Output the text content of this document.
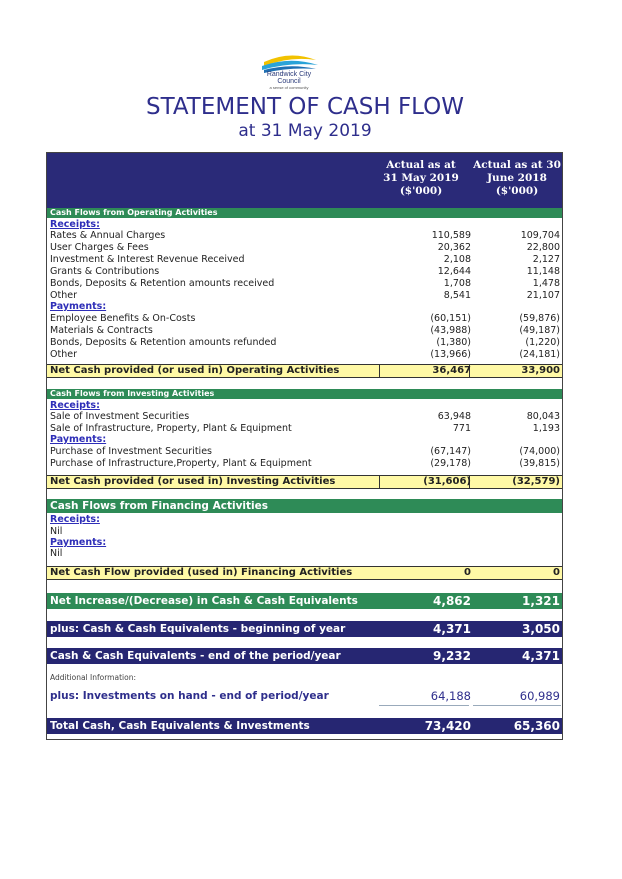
Randwick City
Council
a sense of community
STATEMENT OF CASH FLOW
at 31 May 2019
Actual as at
31 May 2019
($'000)
Actual as at 30
June 2018
($'000)
Cash Flows from Operating Activities
Receipts:
Rates & Annual Charges	110,589	109,704
User Charges & Fees	20,362	22,800
Investment & Interest Revenue Received	2,108	2,127
Grants & Contributions	12,644	11,148
Bonds, Deposits & Retention amounts received	1,708	1,478
Other	8,541	21,107
Payments:
Employee Benefits & On-Costs	(60,151)	(59,876)
Materials & Contracts	(43,988)	(49,187)
Bonds, Deposits & Retention amounts refunded	(1,380)	(1,220)
Other	(13,966)	(24,181)
Net Cash provided (or used in) Operating Activities	36,467	33,900
Cash Flows from Investing Activities
Receipts:
Sale of Investment Securities	63,948	80,043
Sale of Infrastructure, Property, Plant & Equipment	771	1,193
Payments:
Purchase of Investment Securities	(67,147)	(74,000)
Purchase of Infrastructure,Property, Plant & Equipment	(29,178)	(39,815)
Net Cash provided (or used in) Investing Activities	(31,606)	(32,579)
Cash Flows from Financing Activities
Receipts:
Nil
Payments:
Nil
Net Cash Flow provided (used in) Financing Activities	0	0
Net Increase/(Decrease) in Cash & Cash Equivalents	4,862	1,321
plus: Cash & Cash Equivalents - beginning of year	4,371	3,050
Cash & Cash Equivalents - end of the period/year	9,232	4,371
Additional Information:
plus: Investments on hand - end of period/year	64,188	60,989
Total Cash, Cash Equivalents & Investments	73,420	65,360
